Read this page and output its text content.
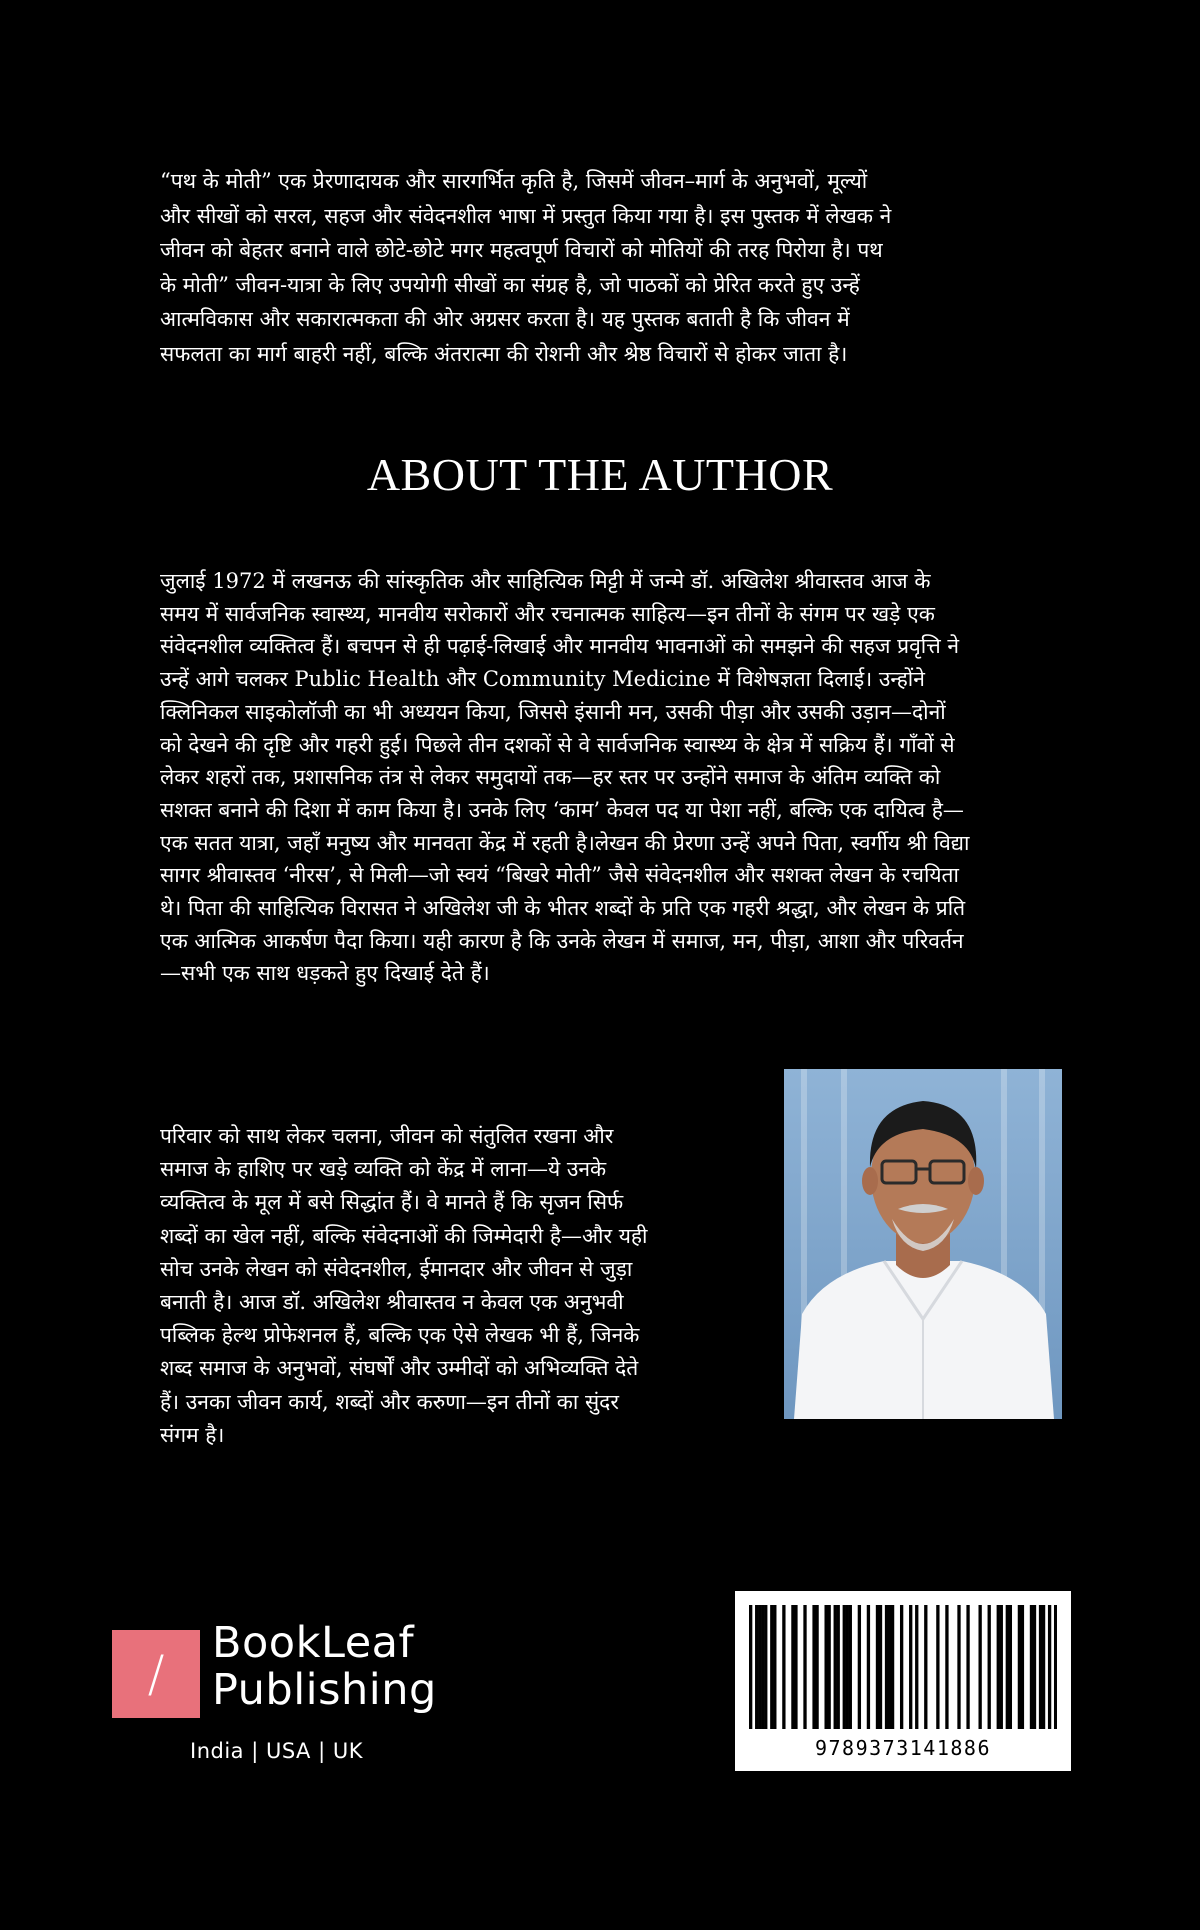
“पथ के मोती” एक प्रेरणादायक और सारगर्भित कृति है, जिसमें जीवन–मार्ग के अनुभवों, मूल्यों और सीखों को सरल, सहज और संवेदनशील भाषा में प्रस्तुत किया गया है। इस पुस्तक में लेखक ने जीवन को बेहतर बनाने वाले छोटे-छोटे मगर महत्वपूर्ण विचारों को मोतियों की तरह पिरोया है। पथ के मोती” जीवन-यात्रा के लिए उपयोगी सीखों का संग्रह है, जो पाठकों को प्रेरित करते हुए उन्हें आत्मविकास और सकारात्मकता की ओर अग्रसर करता है। यह पुस्तक बताती है कि जीवन में सफलता का मार्ग बाहरी नहीं, बल्कि अंतरात्मा की रोशनी और श्रेष्ठ विचारों से होकर जाता है।

ABOUT THE AUTHOR

जुलाई 1972 में लखनऊ की सांस्कृतिक और साहित्यिक मिट्टी में जन्मे डॉ. अखिलेश श्रीवास्तव आज के समय में सार्वजनिक स्वास्थ्य, मानवीय सरोकारों और रचनात्मक साहित्य—इन तीनों के संगम पर खड़े एक संवेदनशील व्यक्तित्व हैं। बचपन से ही पढ़ाई-लिखाई और मानवीय भावनाओं को समझने की सहज प्रवृत्ति ने उन्हें आगे चलकर Public Health और Community Medicine में विशेषज्ञता दिलाई। उन्होंने क्लिनिकल साइकोलॉजी का भी अध्ययन किया, जिससे इंसानी मन, उसकी पीड़ा और उसकी उड़ान—दोनों को देखने की दृष्टि और गहरी हुई। पिछले तीन दशकों से वे सार्वजनिक स्वास्थ्य के क्षेत्र में सक्रिय हैं। गाँवों से लेकर शहरों तक, प्रशासनिक तंत्र से लेकर समुदायों तक—हर स्तर पर उन्होंने समाज के अंतिम व्यक्ति को सशक्त बनाने की दिशा में काम किया है। उनके लिए ‘काम’ केवल पद या पेशा नहीं, बल्कि एक दायित्व है—एक सतत यात्रा, जहाँ मनुष्य और मानवता केंद्र में रहती है।लेखन की प्रेरणा उन्हें अपने पिता, स्वर्गीय श्री विद्या सागर श्रीवास्तव ‘नीरस’, से मिली—जो स्वयं “बिखरे मोती” जैसे संवेदनशील और सशक्त लेखन के रचयिता थे। पिता की साहित्यिक विरासत ने अखिलेश जी के भीतर शब्दों के प्रति एक गहरी श्रद्धा, और लेखन के प्रति एक आत्मिक आकर्षण पैदा किया। यही कारण है कि उनके लेखन में समाज, मन, पीड़ा, आशा और परिवर्तन—सभी एक साथ धड़कते हुए दिखाई देते हैं।

परिवार को साथ लेकर चलना, जीवन को संतुलित रखना और समाज के हाशिए पर खड़े व्यक्ति को केंद्र में लाना—ये उनके व्यक्तित्व के मूल में बसे सिद्धांत हैं। वे मानते हैं कि सृजन सिर्फ शब्दों का खेल नहीं, बल्कि संवेदनाओं की जिम्मेदारी है—और यही सोच उनके लेखन को संवेदनशील, ईमानदार और जीवन से जुड़ा बनाती है। आज डॉ. अखिलेश श्रीवास्तव न केवल एक अनुभवी पब्लिक हेल्थ प्रोफेशनल हैं, बल्कि एक ऐसे लेखक भी हैं, जिनके शब्द समाज के अनुभवों, संघर्षों और उम्मीदों को अभिव्यक्ति देते हैं। उनका जीवन कार्य, शब्दों और करुणा—इन तीनों का सुंदर संगम है।

/
BookLeaf
Publishing
India | USA | UK	9789373141886
